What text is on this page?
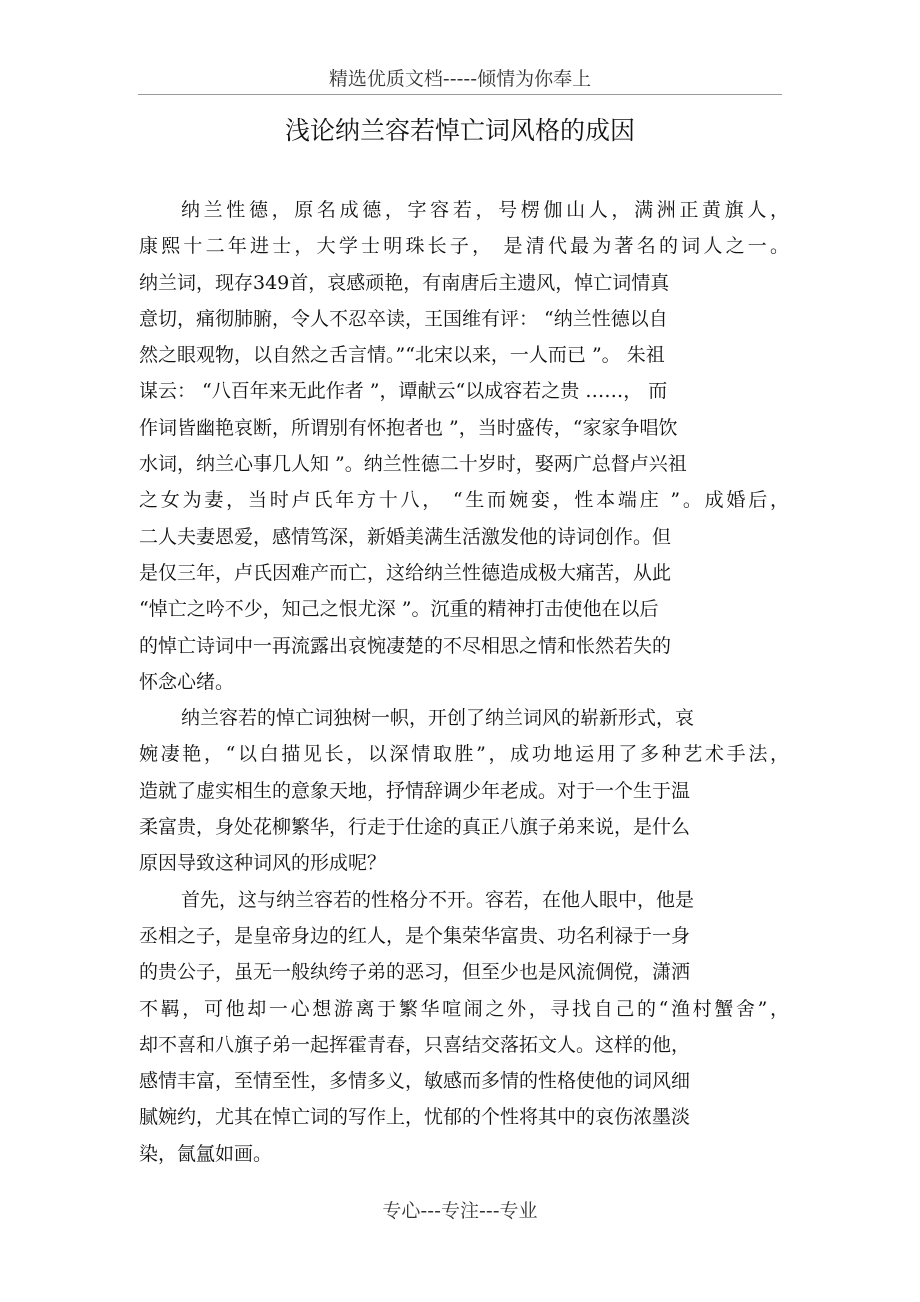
精选优质文档-----倾情为你奉上
浅论纳兰容若悼亡词风格的成因
纳兰性德，原名成德，字容若，号楞伽山人，满洲正黄旗人，
康熙十二年进士，大学士明珠长子， 是清代最为著名的词人之一。
纳兰词，现存349首，哀感顽艳，有南唐后主遗风，悼亡词情真
意切，痛彻肺腑，令人不忍卒读，王国维有评： “纳兰性德以自
然之眼观物，以自然之舌言情。”“北宋以来，一人而已 ”。 朱祖
谋云： “八百年来无此作者 ”，谭献云“以成容若之贵 ……， 而
作词皆幽艳哀断，所谓别有怀抱者也 ”，当时盛传，“家家争唱饮
水词，纳兰心事几人知 ”。纳兰性德二十岁时，娶两广总督卢兴祖
之女为妻，当时卢氏年方十八， “生而婉娈，性本端庄 ”。成婚后，
二人夫妻恩爱，感情笃深，新婚美满生活激发他的诗词创作。但
是仅三年，卢氏因难产而亡，这给纳兰性德造成极大痛苦，从此
“悼亡之吟不少，知己之恨尤深 ”。沉重的精神打击使他在以后
的悼亡诗词中一再流露出哀惋凄楚的不尽相思之情和怅然若失的
怀念心绪。
纳兰容若的悼亡词独树一帜，开创了纳兰词风的崭新形式，哀
婉凄艳，“以白描见长，以深情取胜”，成功地运用了多种艺术手法，
造就了虚实相生的意象天地，抒情辞调少年老成。对于一个生于温
柔富贵，身处花柳繁华，行走于仕途的真正八旗子弟来说，是什么
原因导致这种词风的形成呢？
首先，这与纳兰容若的性格分不开。容若，在他人眼中，他是
丞相之子，是皇帝身边的红人，是个集荣华富贵、功名利禄于一身
的贵公子，虽无一般纨绔子弟的恶习，但至少也是风流倜傥，潇洒
不羁，可他却一心想游离于繁华喧闹之外，寻找自己的“渔村蟹舍”，
却不喜和八旗子弟一起挥霍青春，只喜结交落拓文人。这样的他，
感情丰富，至情至性，多情多义，敏感而多情的性格使他的词风细
腻婉约，尤其在悼亡词的写作上，忧郁的个性将其中的哀伤浓墨淡
染，氤氲如画。
专心---专注---专业
